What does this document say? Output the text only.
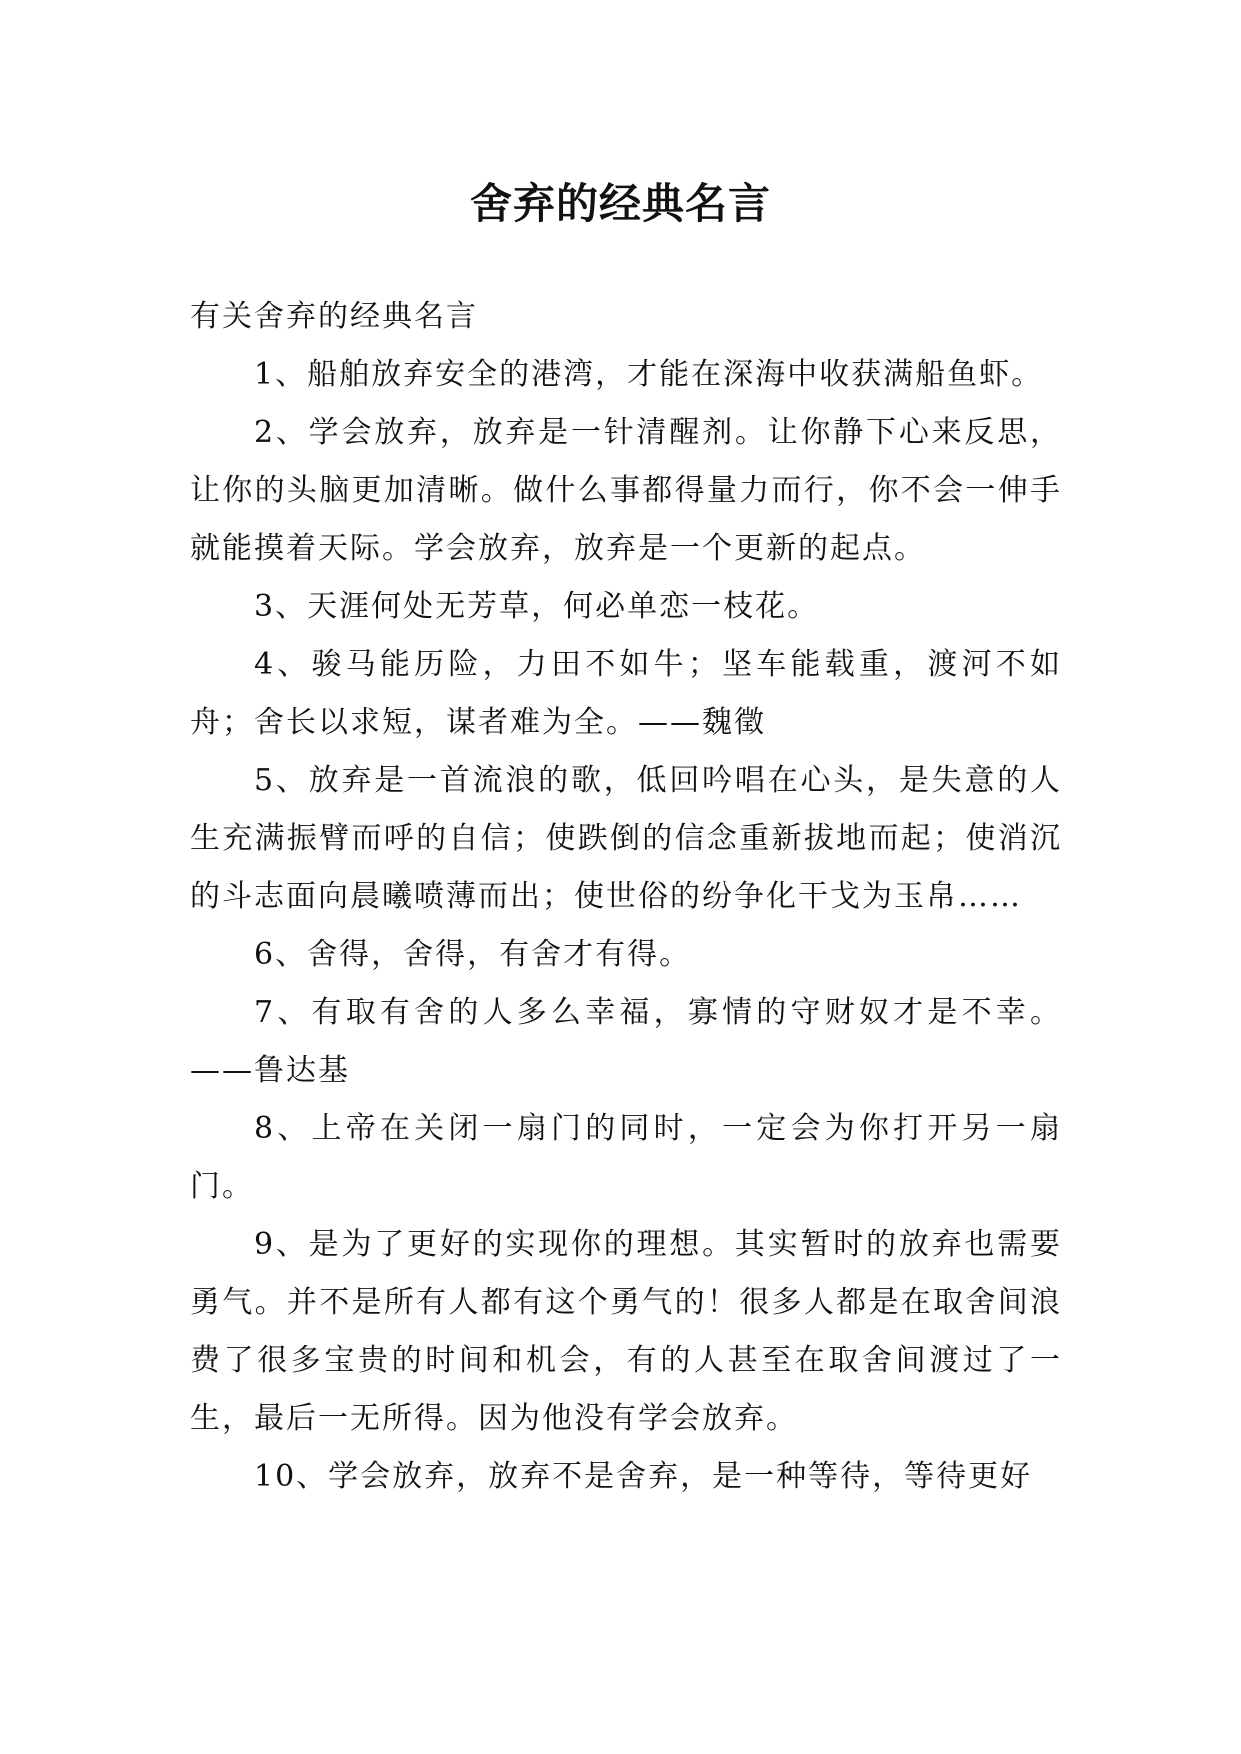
舍弃的经典名言

有关舍弃的经典名言

1、船舶放弃安全的港湾，才能在深海中收获满船鱼虾。

2、学会放弃，放弃是一针清醒剂。让你静下心来反思，让你的头脑更加清晰。做什么事都得量力而行，你不会一伸手就能摸着天际。学会放弃，放弃是一个更新的起点。

3、天涯何处无芳草，何必单恋一枝花。

4、骏马能历险，力田不如牛；坚车能载重，渡河不如舟；舍长以求短，谋者难为全。——魏徵

5、放弃是一首流浪的歌，低回吟唱在心头，是失意的人生充满振臂而呼的自信；使跌倒的信念重新拔地而起；使消沉的斗志面向晨曦喷薄而出；使世俗的纷争化干戈为玉帛……

6、舍得，舍得，有舍才有得。

7、有取有舍的人多么幸福，寡情的守财奴才是不幸。——鲁达基

8、上帝在关闭一扇门的同时，一定会为你打开另一扇门。

9、是为了更好的实现你的理想。其实暂时的放弃也需要勇气。并不是所有人都有这个勇气的！很多人都是在取舍间浪费了很多宝贵的时间和机会，有的人甚至在取舍间渡过了一生，最后一无所得。因为他没有学会放弃。

10、学会放弃，放弃不是舍弃，是一种等待，等待更好
